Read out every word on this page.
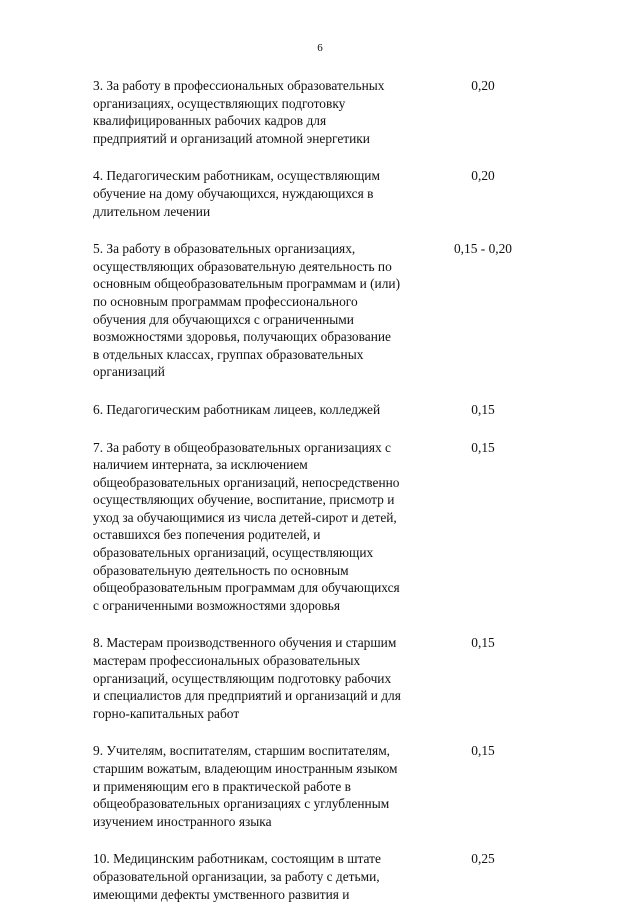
6
3. За работу в профессиональных образовательных
организациях, осуществляющих подготовку
квалифицированных рабочих кадров для
предприятий и организаций атомной энергетики
0,20
4. Педагогическим работникам, осуществляющим
обучение на дому обучающихся, нуждающихся в
длительном лечении
0,20
5. За работу в образовательных организациях,
осуществляющих образовательную деятельность по
основным общеобразовательным программам и (или)
по основным программам профессионального
обучения для обучающихся с ограниченными
возможностями здоровья, получающих образование
в отдельных классах, группах образовательных
организаций
0,15 - 0,20
6. Педагогическим работникам лицеев, колледжей	0,15
7. За работу в общеобразовательных организациях с
наличием интерната, за исключением
общеобразовательных организаций, непосредственно
осуществляющих обучение, воспитание, присмотр и
уход за обучающимися из числа детей-сирот и детей,
оставшихся без попечения родителей, и
образовательных организаций, осуществляющих
образовательную деятельность по основным
общеобразовательным программам для обучающихся
с ограниченными возможностями здоровья
0,15
8. Мастерам производственного обучения и старшим
мастерам профессиональных образовательных
организаций, осуществляющим подготовку рабочих
и специалистов для предприятий и организаций и для
горно-капитальных работ
0,15
9. Учителям, воспитателям, старшим воспитателям,
старшим вожатым, владеющим иностранным языком
и применяющим его в практической работе в
общеобразовательных организациях с углубленным
изучением иностранного языка
0,15
10. Медицинским работникам, состоящим в штате
образовательной организации, за работу с детьми,
имеющими дефекты умственного развития и
0,25
